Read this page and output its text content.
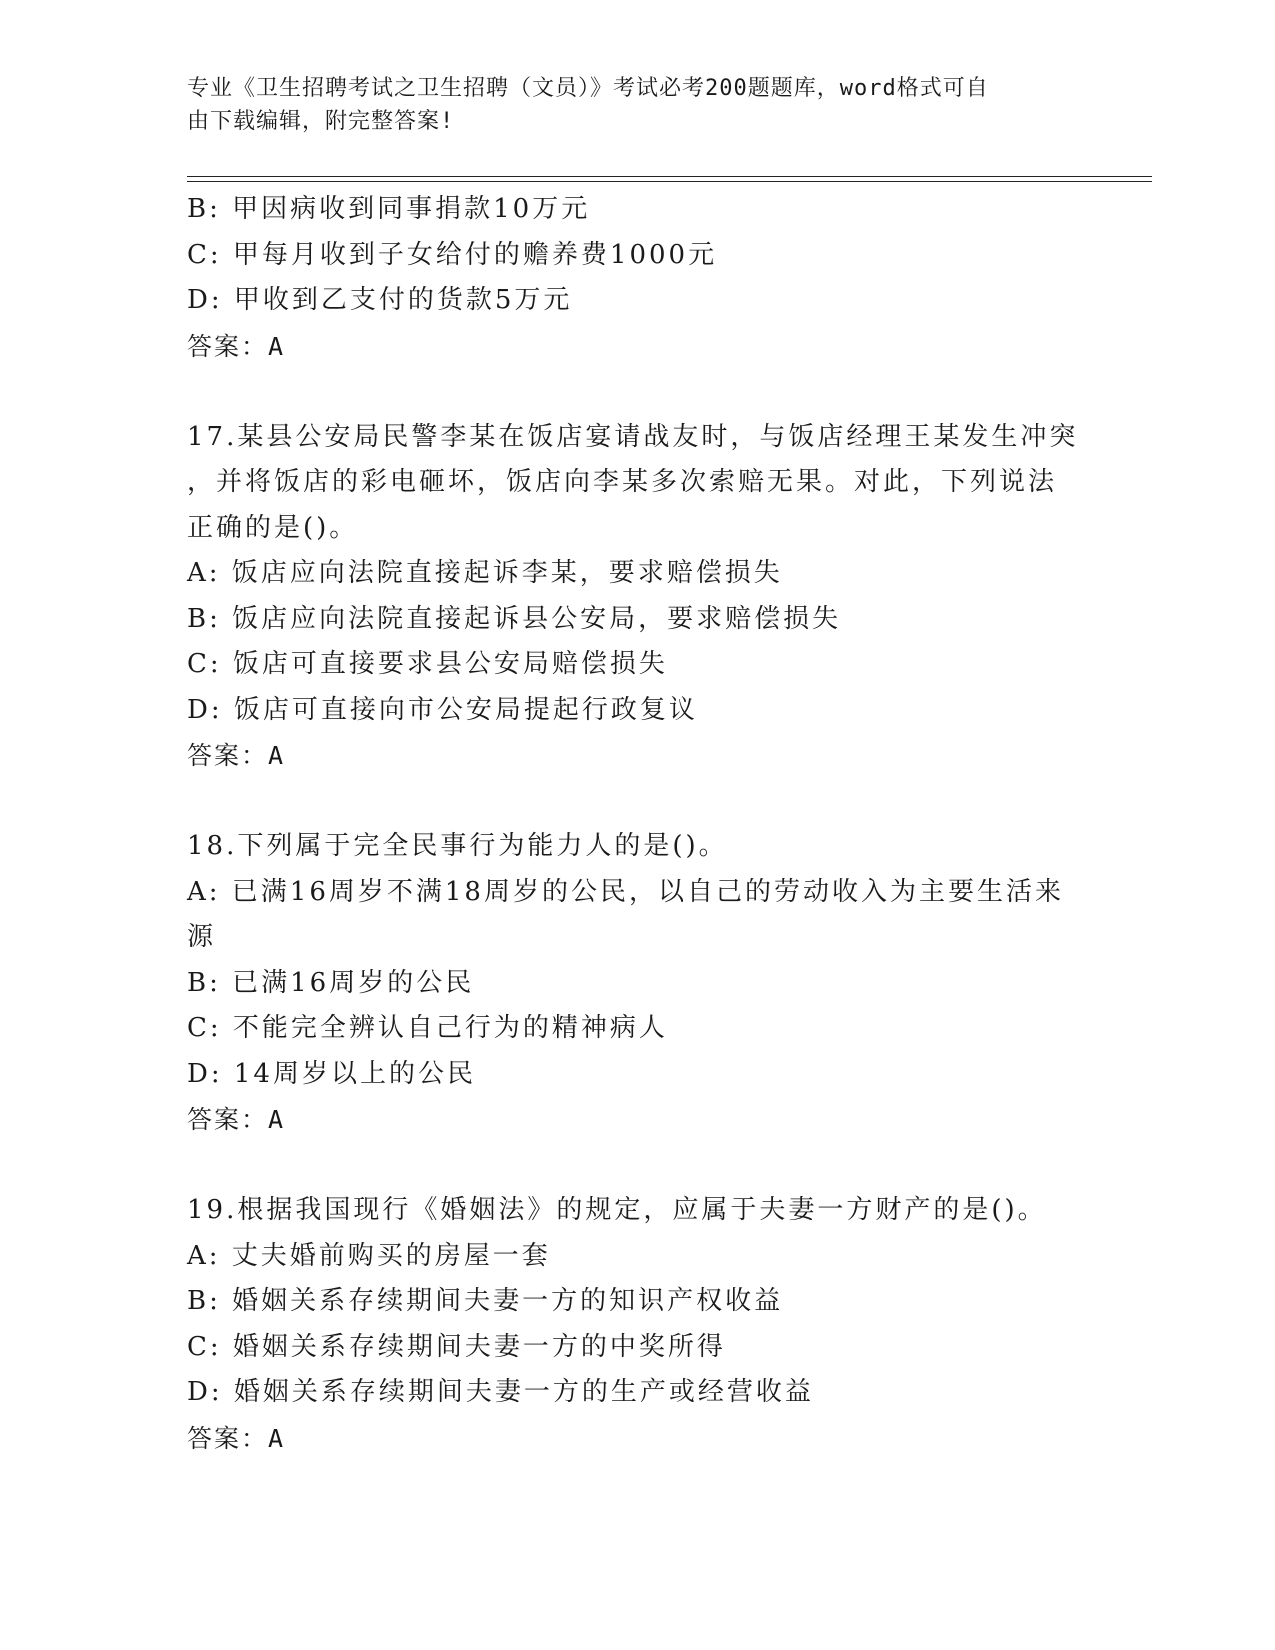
专业《卫生招聘考试之卫生招聘（文员）》考试必考200题题库，word格式可自
由下载编辑，附完整答案!
B: 甲因病收到同事捐款10万元
C: 甲每月收到子女给付的赡养费1000元
D: 甲收到乙支付的货款5万元
答案：A
17.某县公安局民警李某在饭店宴请战友时，与饭店经理王某发生冲突
，并将饭店的彩电砸坏，饭店向李某多次索赔无果。对此，下列说法
正确的是()。
A: 饭店应向法院直接起诉李某，要求赔偿损失
B: 饭店应向法院直接起诉县公安局，要求赔偿损失
C: 饭店可直接要求县公安局赔偿损失
D: 饭店可直接向市公安局提起行政复议
答案：A
18.下列属于完全民事行为能力人的是()。
A: 已满16周岁不满18周岁的公民，以自己的劳动收入为主要生活来
源
B: 已满16周岁的公民
C: 不能完全辨认自己行为的精神病人
D: 14周岁以上的公民
答案：A
19.根据我国现行《婚姻法》的规定，应属于夫妻一方财产的是()。
A: 丈夫婚前购买的房屋一套
B: 婚姻关系存续期间夫妻一方的知识产权收益
C: 婚姻关系存续期间夫妻一方的中奖所得
D: 婚姻关系存续期间夫妻一方的生产或经营收益
答案：A
